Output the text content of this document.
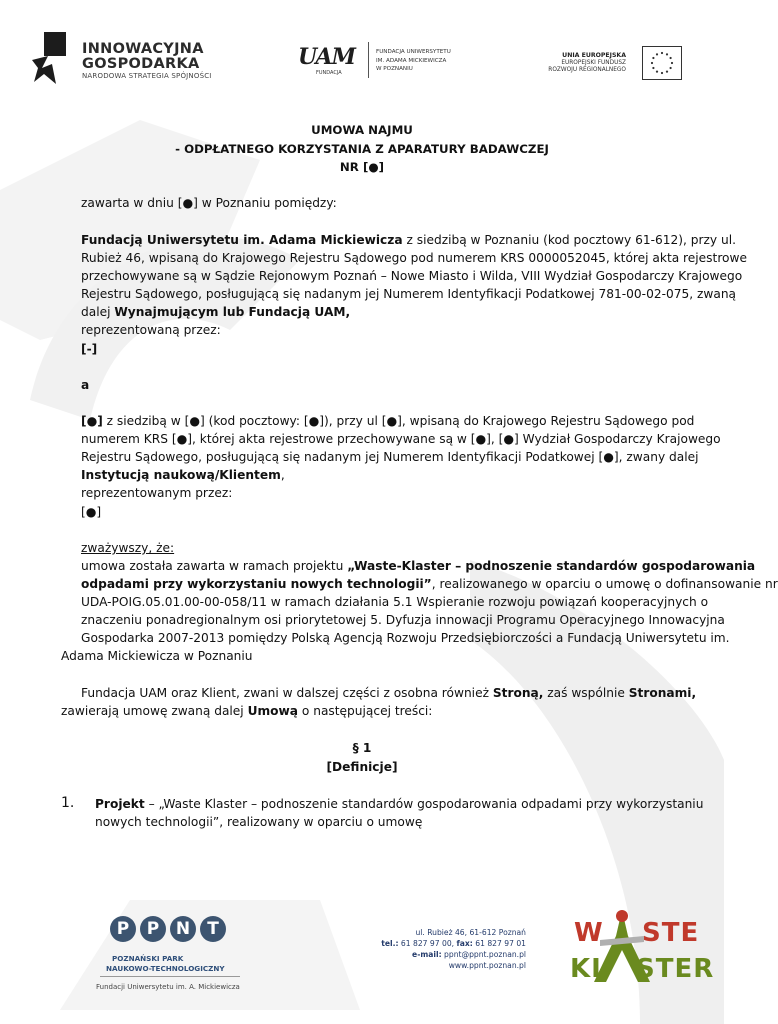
INNOWACYJNA
GOSPODARKA
NARODOWA STRATEGIA SPÓJNOŚCI
UAM
FUNDACJA
FUNDACJA UNIWERSYTETU
IM. ADAMA MICKIEWICZA
W POZNANIU
UNIA EUROPEJSKA
EUROPEJSKI FUNDUSZ
ROZWOJU REGIONALNEGO
UMOWA NAJMU
- ODPŁATNEGO KORZYSTANIA Z APARATURY BADAWCZEJ
NR [●]
zawarta w dniu [●] w Poznaniu pomiędzy:
Fundacją Uniwersytetu im. Adama Mickiewicza z siedzibą w Poznaniu (kod pocztowy 61-612), przy ul.
Rubież 46, wpisaną do Krajowego Rejestru Sądowego pod numerem KRS 0000052045, której akta rejestrowe
przechowywane są w Sądzie Rejonowym Poznań – Nowe Miasto i Wilda, VIII Wydział Gospodarczy Krajowego
Rejestru Sądowego, posługującą się nadanym jej Numerem Identyfikacji Podatkowej 781-00-02-075, zwaną
dalej Wynajmującym lub Fundacją UAM,
reprezentowaną przez:
[-]
a
[●] z siedzibą w [●] (kod pocztowy: [●]), przy ul [●], wpisaną do Krajowego Rejestru Sądowego pod
numerem KRS [●], której akta rejestrowe przechowywane są w [●], [●] Wydział Gospodarczy Krajowego
Rejestru Sądowego, posługującą się nadanym jej Numerem Identyfikacji Podatkowej [●], zwany dalej
Instytucją naukową/Klientem,
reprezentowanym przez:
[●]
zważywszy, że:
umowa została zawarta w ramach projektu „Waste-Klaster – podnoszenie standardów gospodarowania
odpadami przy wykorzystaniu nowych technologii”, realizowanego w oparciu o umowę o dofinansowanie nr
UDA-POIG.05.01.00-00-058/11 w ramach działania 5.1 Wspieranie rozwoju powiązań kooperacyjnych o
znaczeniu ponadregionalnym osi priorytetowej 5. Dyfuzja innowacji Programu Operacyjnego Innowacyjna
Gospodarka 2007-2013 pomiędzy Polską Agencją Rozwoju Przedsiębiorczości a Fundacją Uniwersytetu im.
Adama Mickiewicza w Poznaniu
Fundacja UAM oraz Klient, zwani w dalszej części z osobna również Stroną, zaś wspólnie Stronami,
zawierają umowę zwaną dalej Umową o następującej treści:
§ 1
[Definicje]
1. Projekt – „Waste Klaster – podnoszenie standardów gospodarowania odpadami przy wykorzystaniu
nowych technologii”, realizowany w oparciu o umowę
P	P N	T
POZNAŃSKI PARK
NAUKOWO-TECHNOLOGICZNY
Fundacji Uniwersytetu im. A. Mickiewicza
ul. Rubież 46, 61-612 Poznań
tel.: 61 827 97 00, fax: 61 827 97 01
e-mail: ppnt@ppnt.poznan.pl
www.ppnt.poznan.pl
W STE
KL STER
